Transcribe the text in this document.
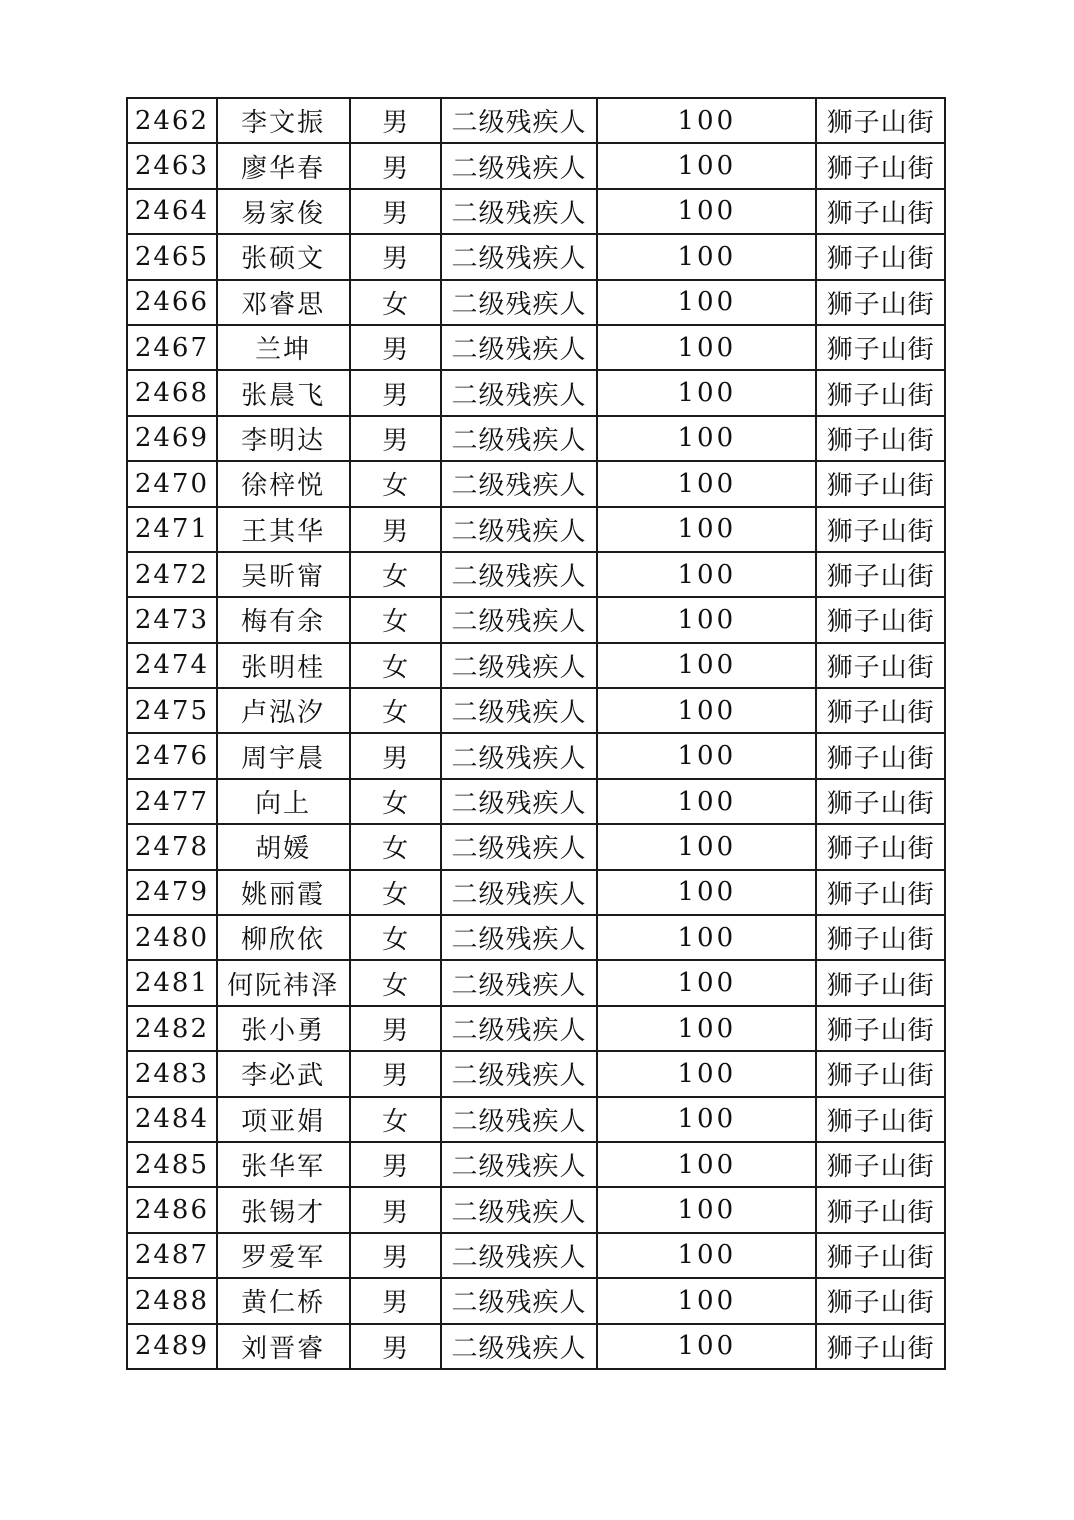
2462	李文振	男	二级残疾人	100	狮子山街
2463	廖华春	男	二级残疾人	100	狮子山街
2464	易家俊	男	二级残疾人	100	狮子山街
2465	张硕文	男	二级残疾人	100	狮子山街
2466	邓睿思	女	二级残疾人	100	狮子山街
2467	兰坤	男	二级残疾人	100	狮子山街
2468	张晨飞	男	二级残疾人	100	狮子山街
2469	李明达	男	二级残疾人	100	狮子山街
2470	徐梓悦	女	二级残疾人	100	狮子山街
2471	王其华	男	二级残疾人	100	狮子山街
2472	吴昕甯	女	二级残疾人	100	狮子山街
2473	梅有余	女	二级残疾人	100	狮子山街
2474	张明桂	女	二级残疾人	100	狮子山街
2475	卢泓汐	女	二级残疾人	100	狮子山街
2476	周宇晨	男	二级残疾人	100	狮子山街
2477	向上	女	二级残疾人	100	狮子山街
2478	胡媛	女	二级残疾人	100	狮子山街
2479	姚丽霞	女	二级残疾人	100	狮子山街
2480	柳欣依	女	二级残疾人	100	狮子山街
2481	何阮祎泽	女	二级残疾人	100	狮子山街
2482	张小勇	男	二级残疾人	100	狮子山街
2483	李必武	男	二级残疾人	100	狮子山街
2484	项亚娟	女	二级残疾人	100	狮子山街
2485	张华军	男	二级残疾人	100	狮子山街
2486	张锡才	男	二级残疾人	100	狮子山街
2487	罗爱军	男	二级残疾人	100	狮子山街
2488	黄仁桥	男	二级残疾人	100	狮子山街
2489	刘晋睿	男	二级残疾人	100	狮子山街
